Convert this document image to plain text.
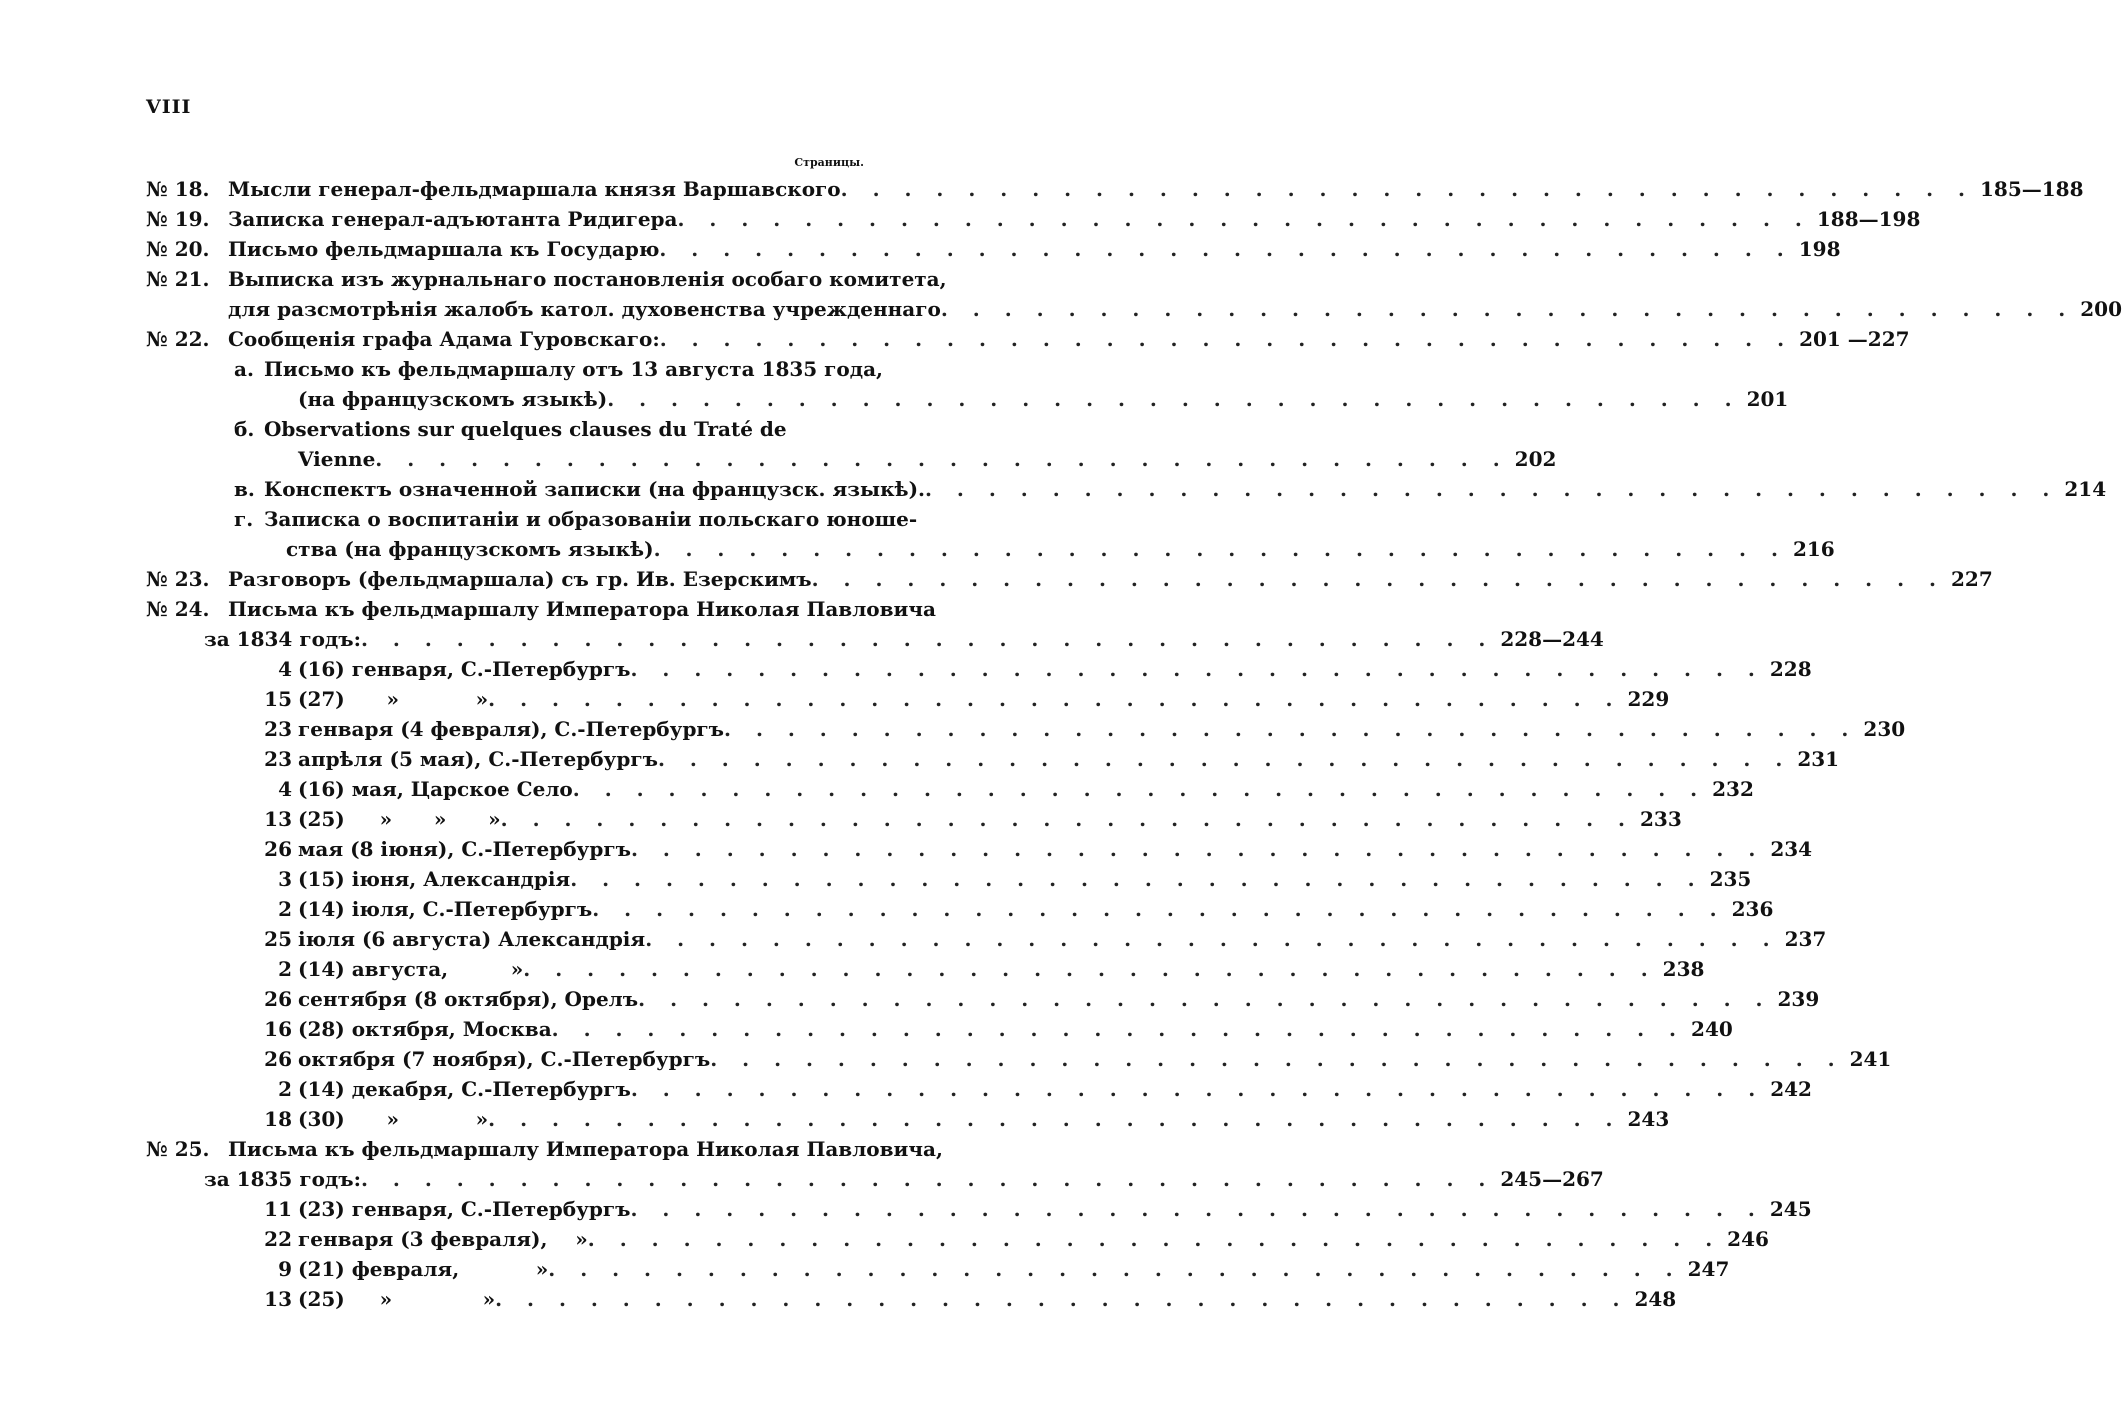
VIII
Страницы.
№ 18. Мысли генерал-фельдмаршала князя Варшавского . . . . . . . . . . . . . . . . . . . . . . . . . . . . . . . . . . . . 185—188
№ 19. Записка генерал-адъютанта Ридигера . . . . . . . . . . . . . . . . . . . . . . . . . . . . . . . . . . . . 188—198
№ 20. Письмо фельдмаршала къ Государю . . . . . . . . . . . . . . . . . . . . . . . . . . . . . . . . . . . . 198
№ 21. Выписка изъ журнальнаго постановленія особаго комитета,
для разсмотрѣнія жалобъ катол. духовенства учрежденнаго . . . . . . . . . . . . . . . . . . . . . . . . . . . . . . . . . . . . 200
№ 22. Сообщенія графа Адама Гуровскаго: . . . . . . . . . . . . . . . . . . . . . . . . . . . . . . . . . . . . 201 —227
а. Письмо къ фельдмаршалу отъ 13 августа 1835 года,
(на французскомъ языкѣ) . . . . . . . . . . . . . . . . . . . . . . . . . . . . . . . . . . . . 201
б. Observations sur quelques clauses du Traté de
Vienne . . . . . . . . . . . . . . . . . . . . . . . . . . . . . . . . . . . . 202
в. Конспектъ означенной записки (на французск. языкѣ). . . . . . . . . . . . . . . . . . . . . . . . . . . . . . . . . . . . . 214
г. Записка о воспитаніи и образованіи польскаго юноше-
ства (на французскомъ языкѣ) . . . . . . . . . . . . . . . . . . . . . . . . . . . . . . . . . . . . 216
№ 23. Разговоръ (фельдмаршала) съ гр. Ив. Езерскимъ . . . . . . . . . . . . . . . . . . . . . . . . . . . . . . . . . . . . 227
№ 24. Письма къ фельдмаршалу Императора Николая Павловича
за 1834 годъ: . . . . . . . . . . . . . . . . . . . . . . . . . . . . . . . . . . . . 228—244
4 (16) генваря, С.-Петербургъ . . . . . . . . . . . . . . . . . . . . . . . . . . . . . . . . . . . . 228
15 (27)      »           » . . . . . . . . . . . . . . . . . . . . . . . . . . . . . . . . . . . . 229
23 генваря (4 февраля), С.-Петербургъ . . . . . . . . . . . . . . . . . . . . . . . . . . . . . . . . . . . . 230
23 апрѣля (5 мая), С.-Петербургъ . . . . . . . . . . . . . . . . . . . . . . . . . . . . . . . . . . . . 231
4 (16) мая, Царское Село . . . . . . . . . . . . . . . . . . . . . . . . . . . . . . . . . . . . 232
13 (25)     »      »      » . . . . . . . . . . . . . . . . . . . . . . . . . . . . . . . . . . . . 233
26 мая (8 іюня), С.-Петербургъ . . . . . . . . . . . . . . . . . . . . . . . . . . . . . . . . . . . . 234
3 (15) іюня, Александрія . . . . . . . . . . . . . . . . . . . . . . . . . . . . . . . . . . . . 235
2 (14) іюля, С.-Петербургъ . . . . . . . . . . . . . . . . . . . . . . . . . . . . . . . . . . . . 236
25 іюля (6 августа) Александрія . . . . . . . . . . . . . . . . . . . . . . . . . . . . . . . . . . . . 237
2 (14) августа,         » . . . . . . . . . . . . . . . . . . . . . . . . . . . . . . . . . . . . 238
26 сентября (8 октября), Орелъ . . . . . . . . . . . . . . . . . . . . . . . . . . . . . . . . . . . . 239
16 (28) октября, Москва . . . . . . . . . . . . . . . . . . . . . . . . . . . . . . . . . . . . 240
26 октября (7 ноября), С.-Петербургъ . . . . . . . . . . . . . . . . . . . . . . . . . . . . . . . . . . . . 241
2 (14) декабря, С.-Петербургъ . . . . . . . . . . . . . . . . . . . . . . . . . . . . . . . . . . . . 242
18 (30)      »           » . . . . . . . . . . . . . . . . . . . . . . . . . . . . . . . . . . . . 243
№ 25. Письма къ фельдмаршалу Императора Николая Павловича,
за 1835 годъ: . . . . . . . . . . . . . . . . . . . . . . . . . . . . . . . . . . . . 245—267
11 (23) генваря, С.-Петербургъ . . . . . . . . . . . . . . . . . . . . . . . . . . . . . . . . . . . . 245
22 генваря (3 февраля),    » . . . . . . . . . . . . . . . . . . . . . . . . . . . . . . . . . . . . 246
9 (21) февраля,           » . . . . . . . . . . . . . . . . . . . . . . . . . . . . . . . . . . . . 247
13 (25)     »             » . . . . . . . . . . . . . . . . . . . . . . . . . . . . . . . . . . . . 248
